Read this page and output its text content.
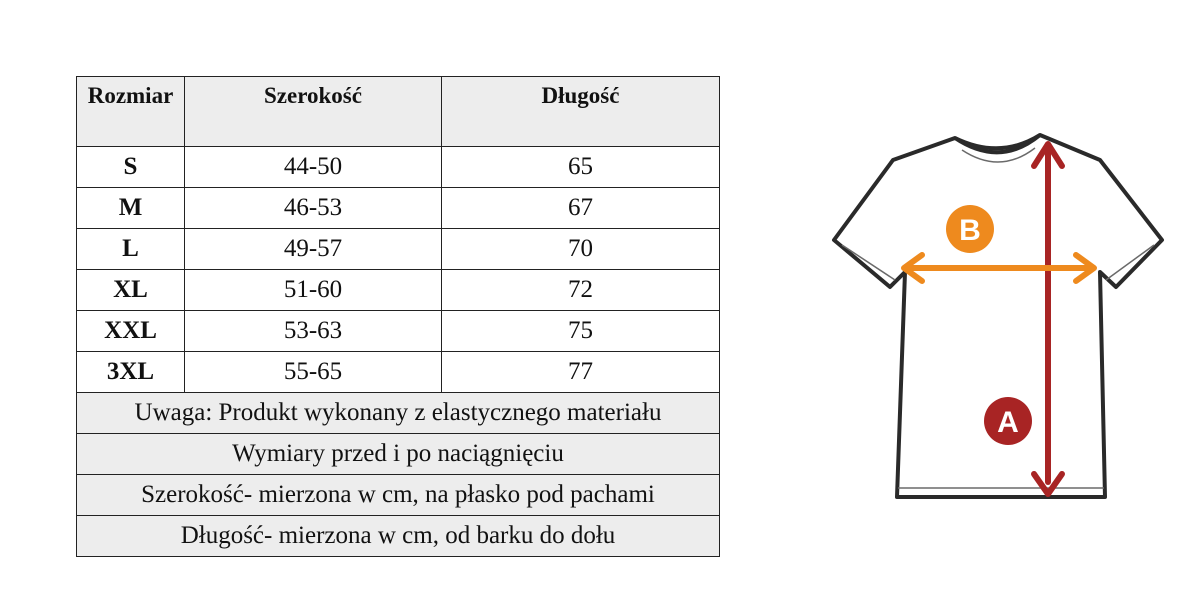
Rozmiar	Szerokość	Długość
S	44-50	65
M	46-53	67
L	49-57	70
XL	51-60	72
XXL	53-63	75
3XL	55-65	77
Uwaga: Produkt wykonany z elastycznego materiału		
Wymiary przed i po naciągnięciu		
Szerokość- mierzona w cm, na płasko pod pachami		
Długość- mierzona w cm, od barku do dołu		
B
A
